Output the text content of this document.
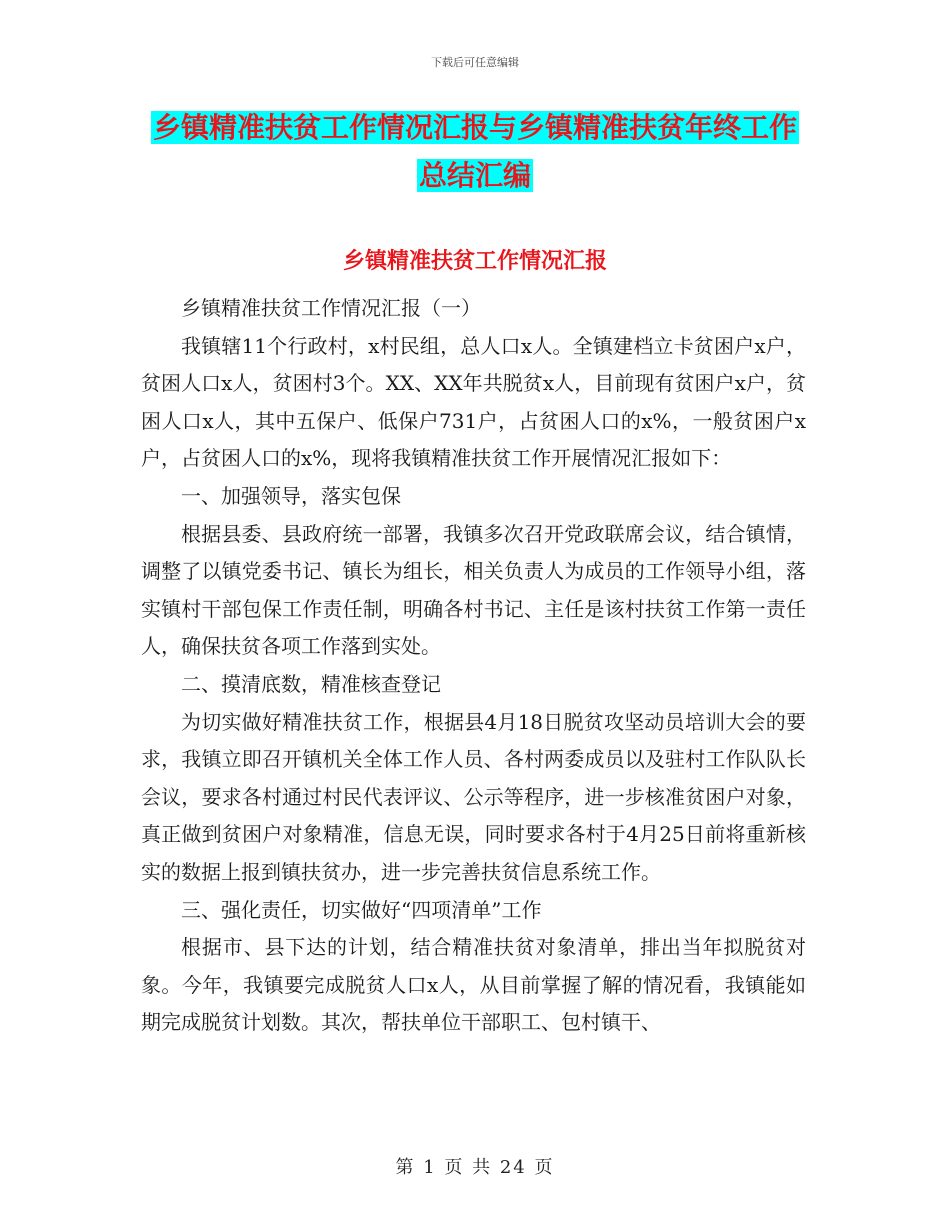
下载后可任意编辑
乡镇精准扶贫工作情况汇报与乡镇精准扶贫年终工作
总结汇编
乡镇精准扶贫工作情况汇报

乡镇精准扶贫工作情况汇报（一）

我镇辖11个行政村，x村民组，总人口x人。全镇建档立卡贫困户x户，贫困人口x人，贫困村3个。XX、XX年共脱贫x人，目前现有贫困户x户，贫困人口x人，其中五保户、低保户731户，占贫困人口的x%，一般贫困户x户，占贫困人口的x%，现将我镇精准扶贫工作开展情况汇报如下：

一、加强领导，落实包保

根据县委、县政府统一部署，我镇多次召开党政联席会议，结合镇情，调整了以镇党委书记、镇长为组长，相关负责人为成员的工作领导小组，落实镇村干部包保工作责任制，明确各村书记、主任是该村扶贫工作第一责任人，确保扶贫各项工作落到实处。

二、摸清底数，精准核查登记

为切实做好精准扶贫工作，根据县4月18日脱贫攻坚动员培训大会的要求，我镇立即召开镇机关全体工作人员、各村两委成员以及驻村工作队队长会议，要求各村通过村民代表评议、公示等程序，进一步核准贫困户对象，真正做到贫困户对象精准，信息无误，同时要求各村于4月25日前将重新核实的数据上报到镇扶贫办，进一步完善扶贫信息系统工作。

三、强化责任，切实做好“四项清单”工作

根据市、县下达的计划，结合精准扶贫对象清单，排出当年拟脱贫对象。今年，我镇要完成脱贫人口x人，从目前掌握了解的情况看，我镇能如期完成脱贫计划数。其次，帮扶单位干部职工、包村镇干、

第 1 页 共 24 页
